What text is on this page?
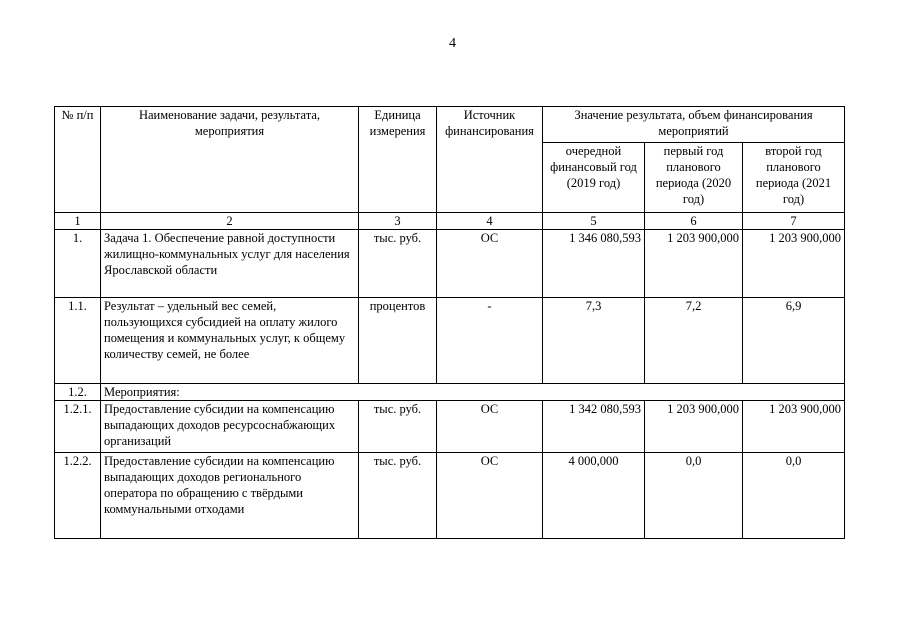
4
№ п/п	Наименование задачи, результата, мероприятия	Единица измерения	Источник финансирования	Значение результата, объем финансирования мероприятий		
				очередной финансовый год (2019 год)	первый год планового периода (2020 год)	второй год планового периода (2021 год)
1	2	3	4	5	6	7
1.	Задача 1. Обеспечение равной доступности жилищно-коммунальных услуг для населения Ярославской области	тыс. руб.	ОС	1 346 080,593	1 203 900,000	1 203 900,000
1.1.	Результат – удельный вес семей, пользующихся субсидией на оплату жилого помещения и коммунальных услуг, к общему количеству семей, не более	процентов	-	7,3	7,2	6,9
1.2.	Мероприятия:					
1.2.1.	Предоставление субсидии на компенсацию выпадающих доходов ресурсоснабжающих организаций	тыс. руб.	ОС	1 342 080,593	1 203 900,000	1 203 900,000
1.2.2.	Предоставление субсидии на компенсацию выпадающих доходов регионального оператора по обращению с твёрдыми коммунальными отходами	тыс. руб.	ОС	4 000,000	0,0	0,0
